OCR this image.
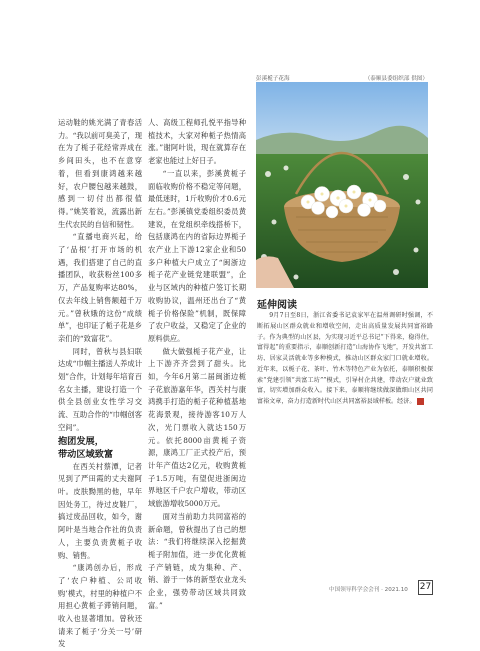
运动鞋的姚光满了青春活力。“我以前可臭美了，现在为了栀子花经常弄成在乡间田头，也不在意穿着，但看到康鸿越来越好，农户腰包越来越鼓，感到一切付出都很值得。”姚笑着说，流露出新生代农民的自信和韧性。

“直播电商兴起，给了‘品根’打开市场的机遇，我们搭建了自己的直播团队，收获粉丝100多万，产品复购率达80%，仅去年线上销售额超千万元。”曾秋娥的这份“成绩单”，也印证了栀子花是乡亲们的“致富花”。

同时，曾秋与县妇联达成“巾帼主播送人养成计划”合作，计划每年培育百名女主播，建设打造一个供全县创业女性学习交流、互助合作的“巾帼创客空间”。

抱团发展，
带动区域致富

在西关村蔡潭，记者见到了严田霞的丈夫谢阿叶。皮肤黝黑的他，早年因处务工，待过皮鞋厂，搞过废品回收，如今，谢阿叶是当地合作社的负责人，主要负责黄栀子收购、销售。

“康鸿创办后，形成了‘农户种植、公司收购’模式，村里的种植户不用担心黄栀子滞销问题，收入也显著增加。曾秋还请来了栀子‘分关一号’研发

人、高级工程师孔悦平指导种植技术，大家对种栀子热情高涨。”谢阿叶说，现在就算存在老家也能过上好日子。

“一直以来，彭溪黄栀子面临收购价格不稳定等问题，最低迷时，1斤收购价才0.6元左右。”彭溪镇党委组织委员黄建说，在党组织牵线搭桥下，包括康鸿在内的省际边界栀子农产业上下游12家企业和50多户种植大户成立了“闽浙边栀子花产业链党建联盟”，企业与区域内的种植户签订长期收购协议，温州还出台了“黄栀子价格保险”机制，既保障了农户收益，又稳定了企业的原料供应。

做大做强栀子花产业，让上下游齐齐尝到了甜头。比如，今年6月第二届闽浙边栀子花旅游嘉年华，西关村与康鸿携手打造的栀子花种植基地花海景观，接待游客10万人次，光门票收入就达150万元。依托8000亩黄栀子资源，康鸿工厂正式投产后，预计年产值达2亿元，收购黄栀子1.5万吨，有望促进浙闽边界地区千户农户增收，带动区域旅游增收5000万元。

面对当前助力共同富裕的新命题，曾秋提出了自己的想法：“我们将继续深入挖掘黄栀子附加值，进一步优化黄栀子产销链，成为集种、产、销、游于一体的新型农业龙头企业，强势带动区域共同致富。”

彭溪栀子花海	（泰顺县委组织部 供图）
延伸阅读

9月7日至8日，浙江省委书记袁家军在温州调研时强调，不断拓展山区群众就业和增收空间，走出高质量发展共同富裕路子。作为典型的山区县，为实现习近平总书记“下得来，稳得住，富得起”的重要指示，泰顺创新打造“山海协作飞地”，开发共富工坊、居家灵活就业等多种模式，推动山区群众家门口就业增收。近年来，以栀子花、茶叶、竹木等特色产业为依托，泰顺积极探索“党建引领“共富工坊””模式，引导村企共建，带动农户就业致富，切实增加群众收入。接下来，泰顺将继续做深做细山区共同富裕文章，奋力打造新时代山区共同富裕县域样板。经济。

中国领导科学会会刊 · 2021.10 27
